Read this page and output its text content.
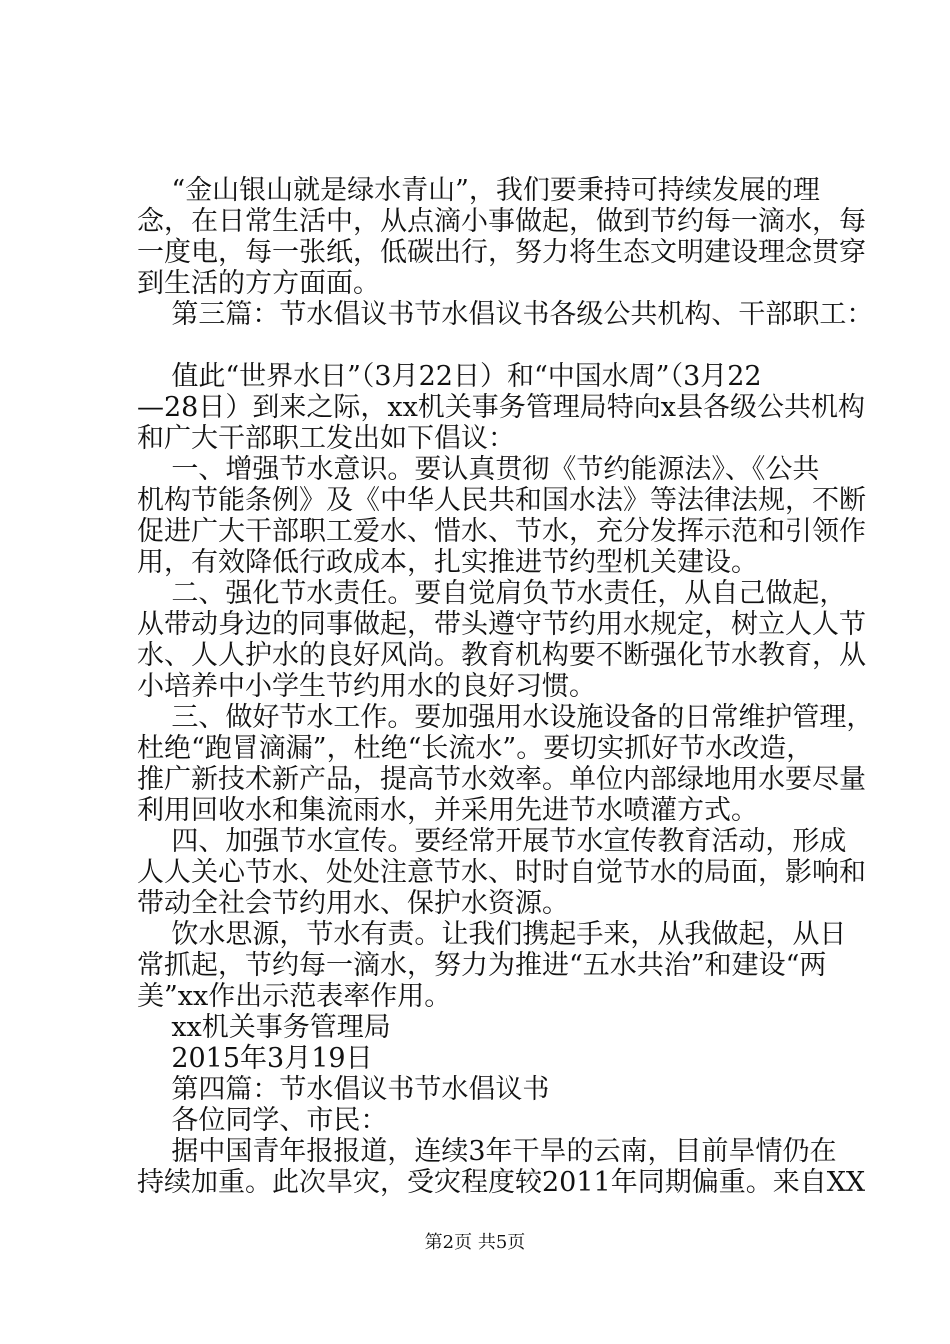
“金山银山就是绿水青山”，我们要秉持可持续发展的理
念，在日常生活中，从点滴小事做起，做到节约每一滴水，每
一度电，每一张纸，低碳出行，努力将生态文明建设理念贯穿
到生活的方方面面。
第三篇：节水倡议书节水倡议书各级公共机构、干部职工：
值此“世界水日”（3月22日）和“中国水周”（3月22
—28日）到来之际，xx机关事务管理局特向x县各级公共机构
和广大干部职工发出如下倡议：
一、增强节水意识。要认真贯彻《节约能源法》、《公共
机构节能条例》及《中华人民共和国水法》等法律法规，不断
促进广大干部职工爱水、惜水、节水，充分发挥示范和引领作
用，有效降低行政成本，扎实推进节约型机关建设。
二、强化节水责任。要自觉肩负节水责任，从自己做起，
从带动身边的同事做起，带头遵守节约用水规定，树立人人节
水、人人护水的良好风尚。教育机构要不断强化节水教育，从
小培养中小学生节约用水的良好习惯。
三、做好节水工作。要加强用水设施设备的日常维护管理，
杜绝“跑冒滴漏”，杜绝“长流水”。要切实抓好节水改造，
推广新技术新产品，提高节水效率。单位内部绿地用水要尽量
利用回收水和集流雨水，并采用先进节水喷灌方式。
四、加强节水宣传。要经常开展节水宣传教育活动，形成
人人关心节水、处处注意节水、时时自觉节水的局面，影响和
带动全社会节约用水、保护水资源。
饮水思源，节水有责。让我们携起手来，从我做起，从日
常抓起，节约每一滴水，努力为推进“五水共治”和建设“两
美”xx作出示范表率作用。
xx机关事务管理局
2015年3月19日
第四篇：节水倡议书节水倡议书
各位同学、市民：
据中国青年报报道，连续3年干旱的云南，目前旱情仍在
持续加重。此次旱灾，受灾程度较2011年同期偏重。来自XX
第2页 共5页
